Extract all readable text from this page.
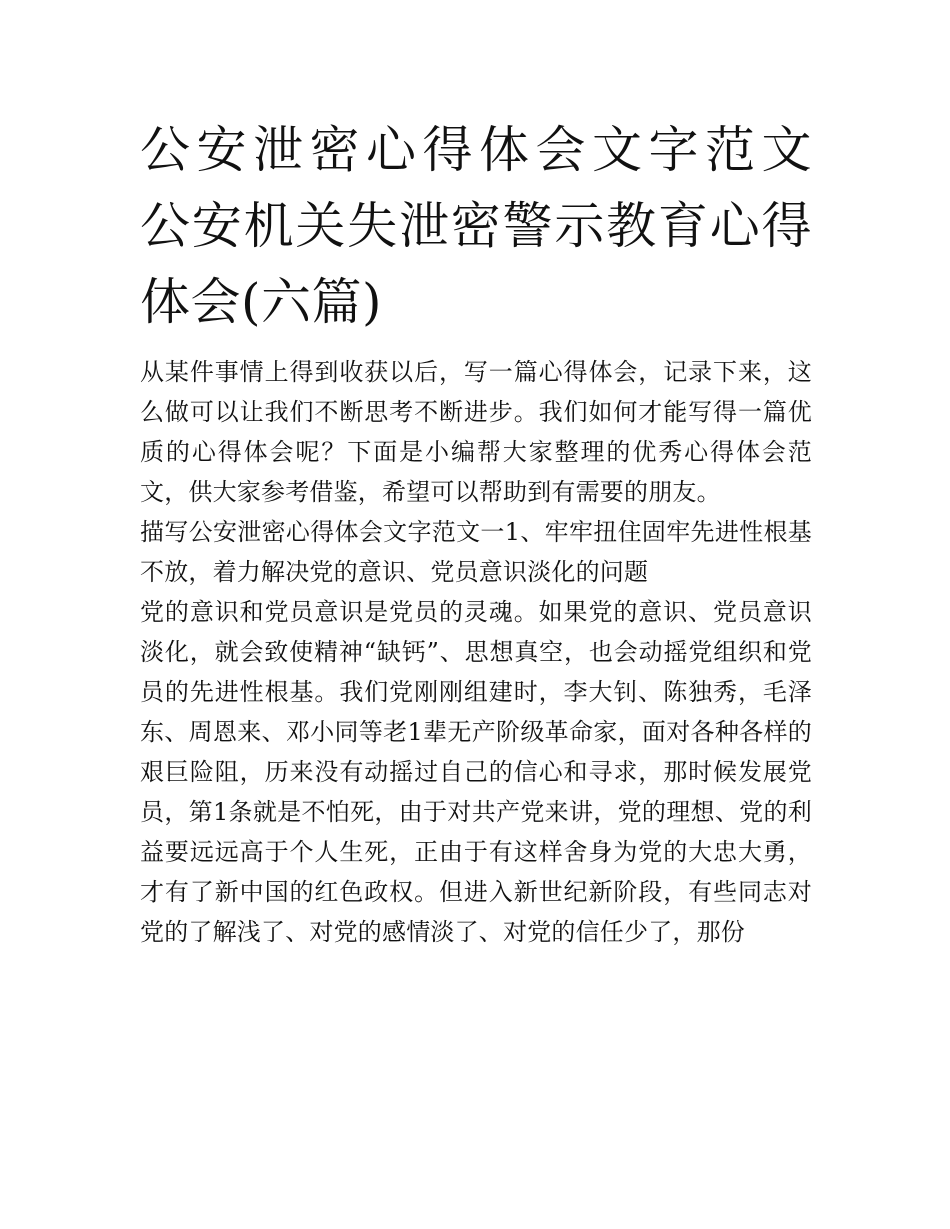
公安泄密心得体会文字范文 公安机关失泄密警示教育心得体会(六篇)

从某件事情上得到收获以后，写一篇心得体会，记录下来，这么做可以让我们不断思考不断进步。我们如何才能写得一篇优质的心得体会呢？下面是小编帮大家整理的优秀心得体会范文，供大家参考借鉴，希望可以帮助到有需要的朋友。

描写公安泄密心得体会文字范文一1、牢牢扭住固牢先进性根基不放，着力解决党的意识、党员意识淡化的问题

党的意识和党员意识是党员的灵魂。如果党的意识、党员意识淡化，就会致使精神“缺钙”、思想真空，也会动摇党组织和党员的先进性根基。我们党刚刚组建时，李大钊、陈独秀，毛泽东、周恩来、邓小同等老1辈无产阶级革命家，面对各种各样的艰巨险阻，历来没有动摇过自己的信心和寻求，那时候发展党员，第1条就是不怕死，由于对共产党来讲，党的理想、党的利益要远远高于个人生死，正由于有这样舍身为党的大忠大勇，才有了新中国的红色政权。但进入新世纪新阶段，有些同志对党的了解浅了、对党的感情淡了、对党的信任少了，那份
